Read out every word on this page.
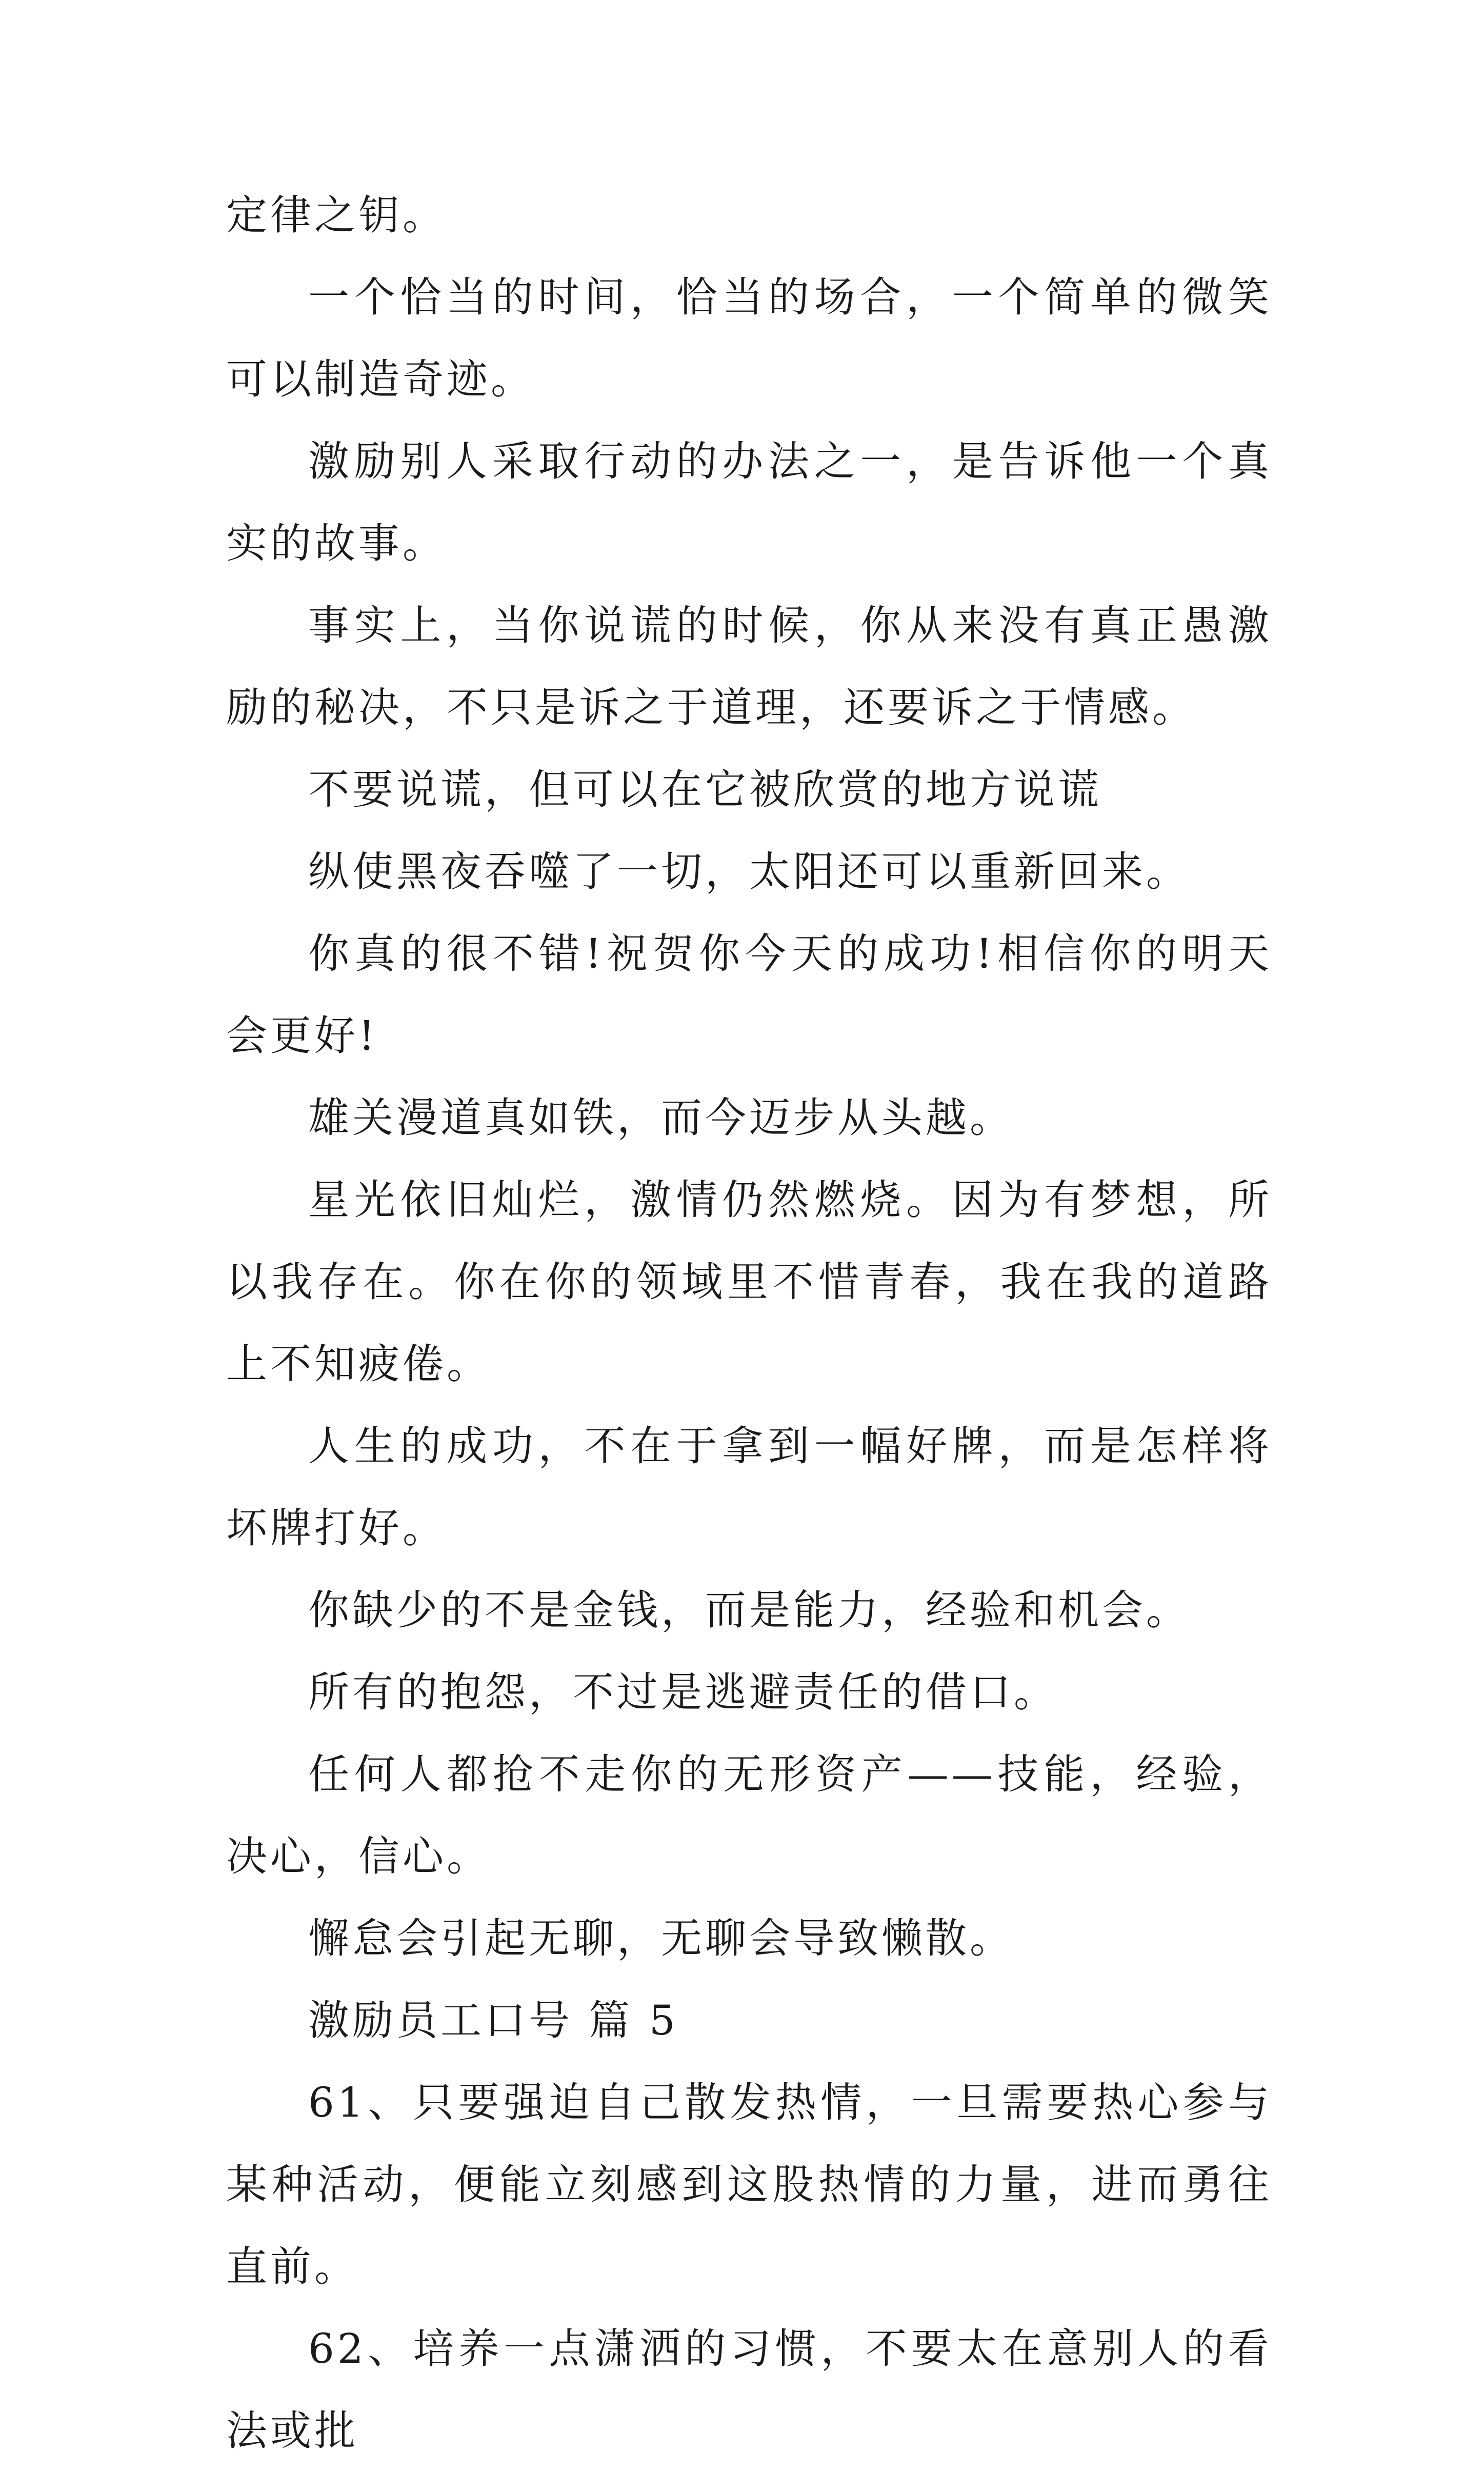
定律之钥。

一个恰当的时间，恰当的场合，一个简单的微笑可以制造奇迹。

激励别人采取行动的办法之一，是告诉他一个真实的故事。

事实上，当你说谎的时候，你从来没有真正愚激励的秘决，不只是诉之于道理，还要诉之于情感。

不要说谎，但可以在它被欣赏的地方说谎

纵使黑夜吞噬了一切，太阳还可以重新回来。

你真的很不错!祝贺你今天的成功!相信你的明天会更好!

雄关漫道真如铁，而今迈步从头越。

星光依旧灿烂，激情仍然燃烧。因为有梦想，所以我存在。你在你的领域里不惜青春，我在我的道路上不知疲倦。

人生的成功，不在于拿到一幅好牌，而是怎样将坏牌打好。

你缺少的不是金钱，而是能力，经验和机会。

所有的抱怨，不过是逃避责任的借口。

任何人都抢不走你的无形资产——技能，经验，决心，信心。

懈怠会引起无聊，无聊会导致懒散。

激励员工口号 篇 5

61、只要强迫自己散发热情，一旦需要热心参与某种活动，便能立刻感到这股热情的力量，进而勇往直前。

62、培养一点潇洒的习惯，不要太在意别人的看法或批
